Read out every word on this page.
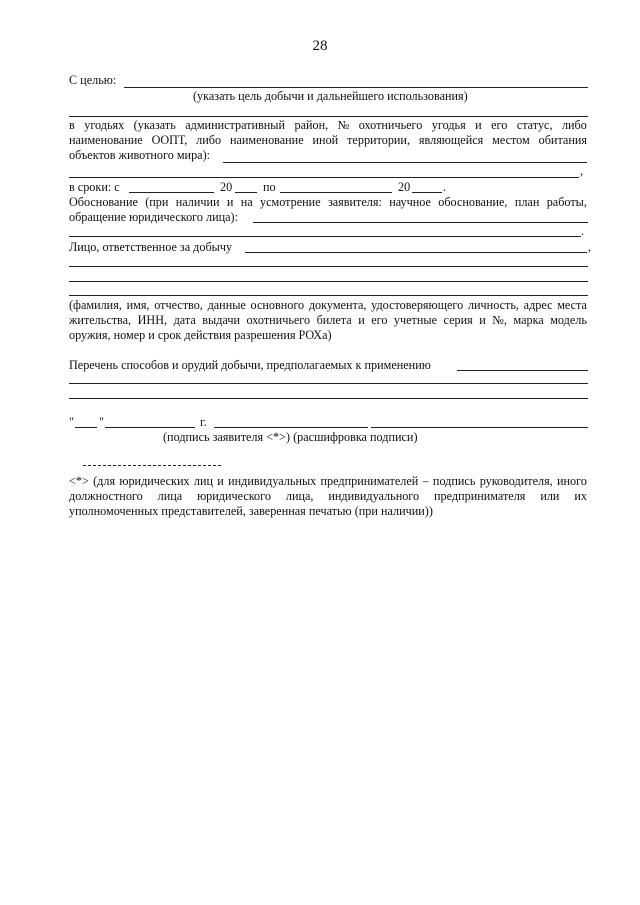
28
С целью:
(указать цель добычи и дальнейшего использования)
в угодьях (указать административный район, № охотничьего угодья и его статус, либо
наименование ООПТ, либо наименование иной территории, являющейся местом обитания
объектов животного мира):
,
в сроки: с	20	по	20	.
Обоснование (при наличии и на усмотрение заявителя: научное обоснование, план работы,
обращение юридического лица):
.
Лицо, ответственное за добычу	,
(фамилия, имя, отчество, данные основного документа, удостоверяющего личность, адрес места
жительства, ИНН, дата выдачи охотничьего билета и его учетные серия и №, марка модель
оружия, номер и срок действия разрешения РОХа)
Перечень способов и орудий добычи, предполагаемых к применению
" "	г.
(подпись заявителя <*>) (расшифровка подписи)
<*> (для юридических лиц и индивидуальных предпринимателей – подпись руководителя, иного
должностного лица юридического лица, индивидуального предпринимателя или их
уполномоченных представителей, заверенная печатью (при наличии))
